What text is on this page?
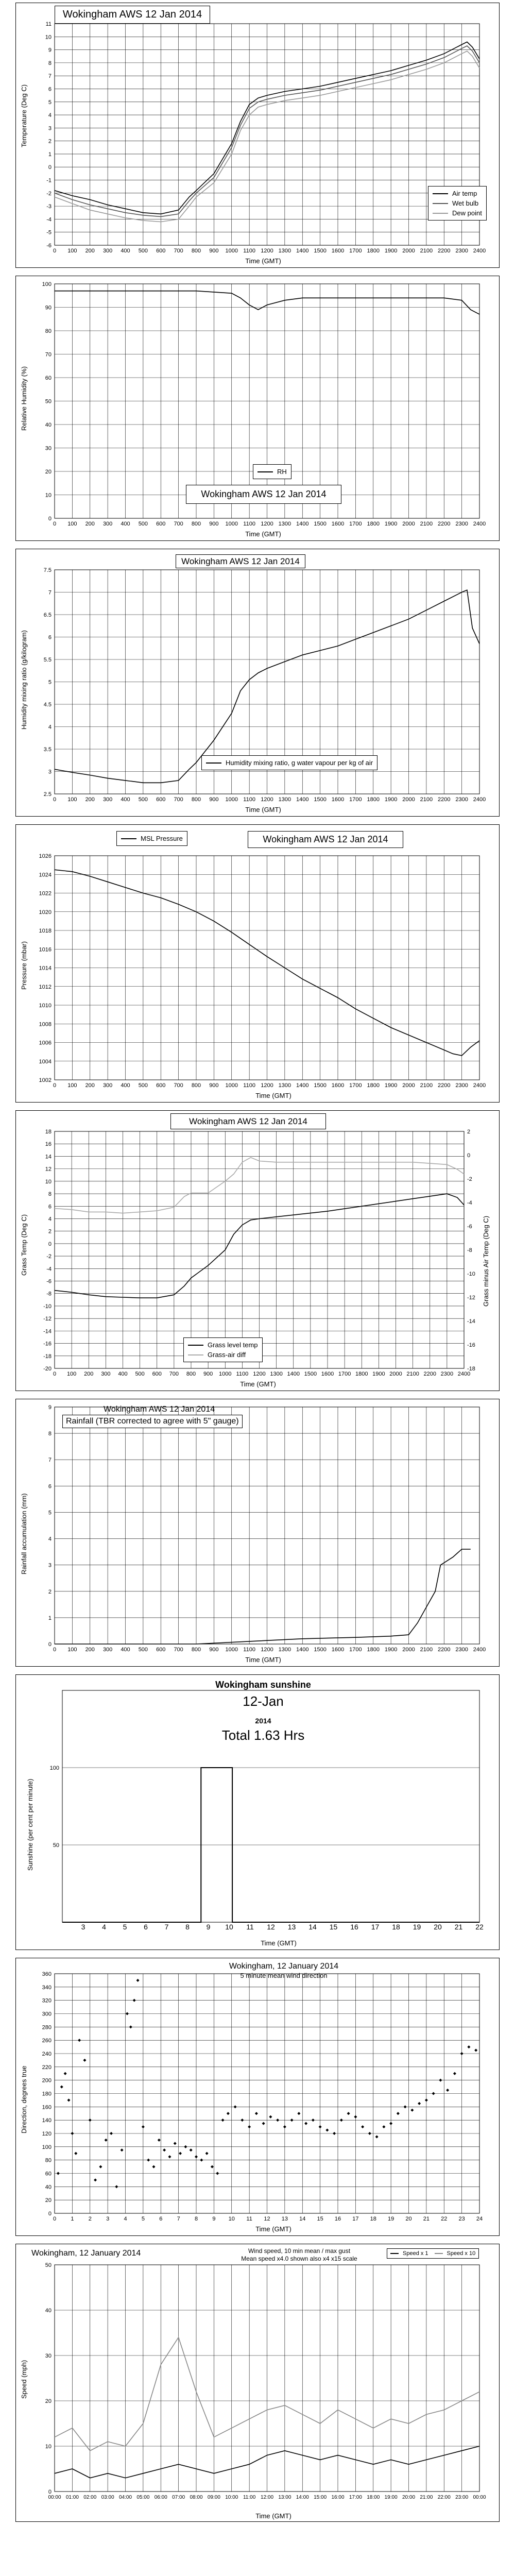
11
10
9
8
7
6
5
4
3
2
1
0
-1
-2
-3
-4
-5
-6
0 100 200 300 400 500 600 700 800 900 1000 1100 1200 1300 1400 1500 1600 1700 1800 1900 2000 2100 2200 2300 2400
Wokingham AWS 12 Jan 2014
Temperature (Deg C)
Time (GMT)
Air temp
Wet bulb
Dew point
100
90
80
70
60
50
40
30
20
10
0
0 100 200 300 400 500 600 700 800 900 1000 1100 1200 1300 1400 1500 1600 1700 1800 1900 2000 2100 2200 2300 2400
Relative Humidity (%)
Time (GMT)
RH
Wokingham AWS 12 Jan 2014
7.5
7
6.5
6
5.5
5
4.5
4
3.5
3
2.5
0 100 200 300 400 500 600 700 800 900 1000 1100 1200 1300 1400 1500 1600 1700 1800 1900 2000 2100 2200 2300 2400
Wokingham AWS 12 Jan 2014
Humidity mixing ratio (g/kilogram)
Time (GMT)
Humidity mixing ratio, g water vapour per kg of air
1026
1024
1022
1020
1018
1016
1014
1012
1010
1008
1006
1004
1002
0 100 200 300 400 500 600 700 800 900 1000 1100 1200 1300 1400 1500 1600 1700 1800 1900 2000 2100 2200 2300 2400
MSL Pressure	Wokingham AWS 12 Jan 2014
Pressure (mbar)
Time (GMT)
18
16
14
12
10
8
6
4
2
0
-2
-4
-6
-8
-10
-12
-14
-16
-18
-20
0 100 200 300 400 500 600 700 800 900 1000 1100 1200 1300 1400 1500 1600 1700 1800 1900 2000 2100 2200 2300 2400
2
0
-2
-4
-6
-8
-10
-12
-14
-16
-18
Wokingham AWS 12 Jan 2014
Grass Temp (Deg C)	Grass minus Air Temp (Deg C)
Time (GMT)
Grass level temp
Grass-air diff
9
8
7
6
5
4
3
2
1
0
0 100 200 300 400 500 600 700 800 900 1000 1100 1200 1300 1400 1500 1600 1700 1800 1900 2000 2100 2200 2300 2400
Wokingham AWS 12 Jan 2014
Rainfall (TBR corrected to agree with 5" gauge)
Rainfall accumulation (mm)
Time (GMT)
100
50
3 4 5 6 7 8 9 10 11 12 13 14 15 16 17 18 19 20 21 22
Wokingham sunshine
12-Jan
2014
Total 1.63 Hrs
Sunshine (per cent per minute)
Time (GMT)
360
340
320
300
280
260
240
220
200
180
160
140
120
100
80
60
40
20
0
0	1	2	3	4	5	6	7	8	9 10 11 12 13 14 15 16 17 18 19 20 21 22 23 24
Wokingham, 12 January 2014
5 minute mean wind direction
Direction, degrees true
Time (GMT)
50
40
30
20
10
0
00:00 01:00 02:00 03:00 04:00 05:00 06:00 07:00 08:00 09:00 10:00 11:00 12:00 13:00 14:00 15:00 16:00 17:00 18:00 19:00 20:00 21:00 22:00 23:00 00:00
Wokingham, 12 January 2014	Wind speed, 10 min mean / max gust
Mean speed x4.0 shown also x4 x15 scale
Speed x 1	Speed x 10
Speed (mph)
Time (GMT)
